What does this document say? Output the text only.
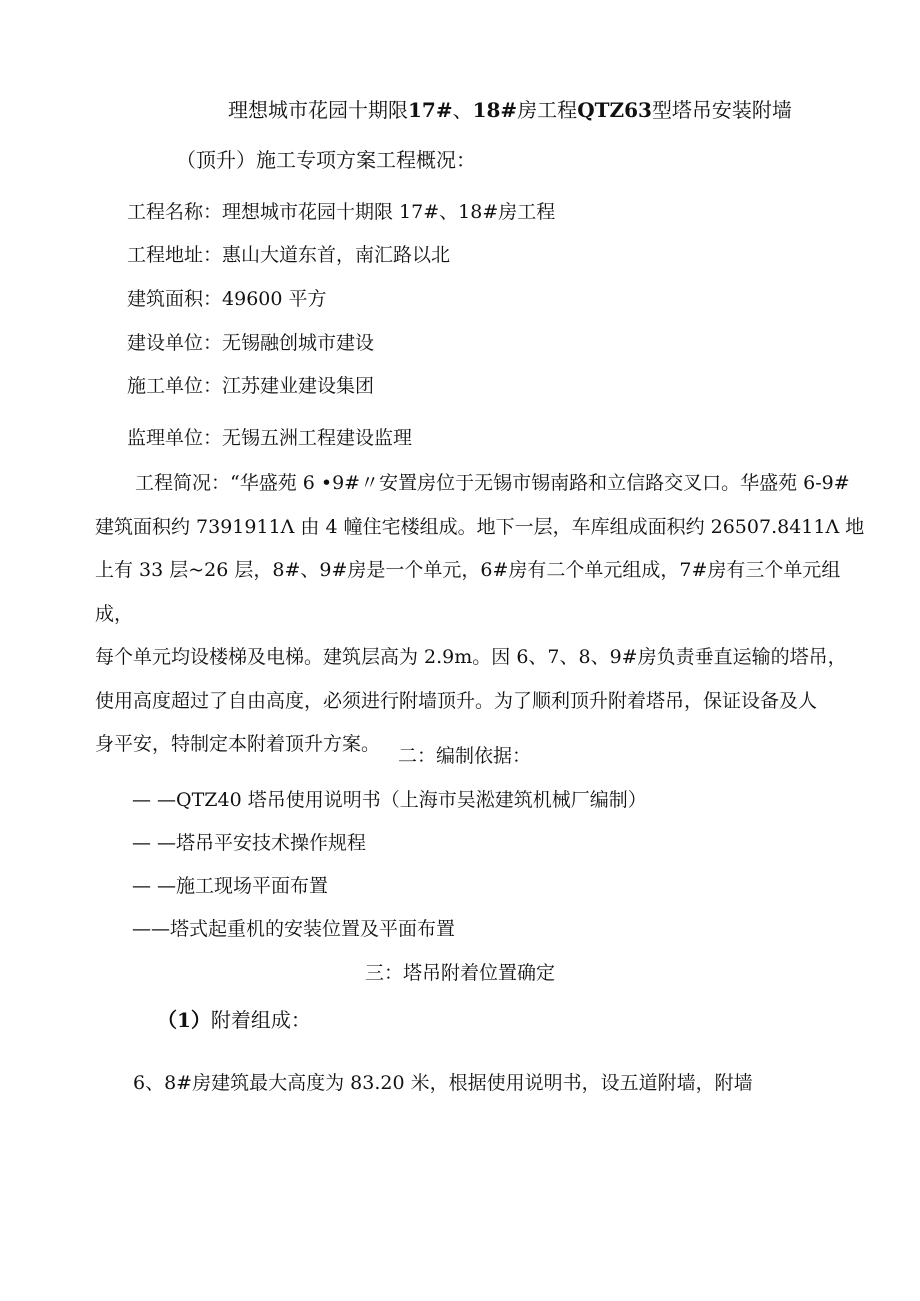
理想城市花园十期限17#、18#房工程QTZ63型塔吊安装附墙
（顶升）施工专项方案工程概况：
工程名称：理想城市花园十期限 17#、18#房工程
工程地址：惠山大道东首，南汇路以北
建筑面积：49600 平方
建设单位：无锡融创城市建设
施工单位：江苏建业建设集团
监理单位：无锡五洲工程建设监理
工程简况：“华盛苑 6 •9#〃安置房位于无锡市锡南路和立信路交叉口。华盛苑 6-9#
建筑面积约 7391911Λ 由 4 幢住宅楼组成。地下一层，车库组成面积约 26507.8411Λ 地
上有 33 层~26 层，8#、9#房是一个单元，6#房有二个单元组成，7#房有三个单元组成，
每个单元均设楼梯及电梯。建筑层高为 2.9m。因 6、7、8、9#房负责垂直运输的塔吊，
使用高度超过了自由高度，必须进行附墙顶升。为了顺利顶升附着塔吊，保证设备及人
身平安，特制定本附着顶升方案。
二：编制依据：
— —QTZ40 塔吊使用说明书（上海市吴淞建筑机械厂编制）
— —塔吊平安技术操作规程
— —施工现场平面布置
——塔式起重机的安装位置及平面布置
三：塔吊附着位置确定
（1）附着组成：
6、8#房建筑最大高度为 83.20 米，根据使用说明书，设五道附墙，附墙
